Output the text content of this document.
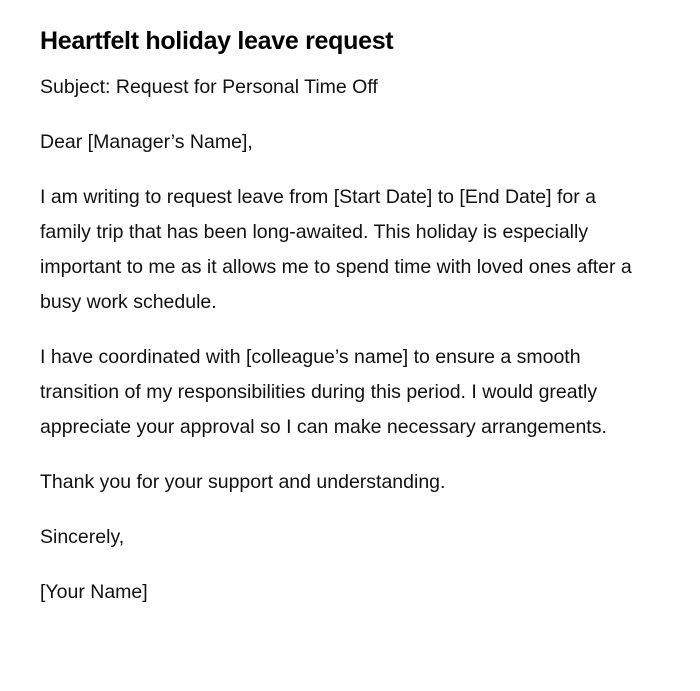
Heartfelt holiday leave request

Subject: Request for Personal Time Off

Dear [Manager’s Name],

I am writing to request leave from [Start Date] to [End Date] for a family trip that has been long-awaited. This holiday is especially important to me as it allows me to spend time with loved ones after a busy work schedule.

I have coordinated with [colleague’s name] to ensure a smooth transition of my responsibilities during this period. I would greatly appreciate your approval so I can make necessary arrangements.

Thank you for your support and understanding.

Sincerely,

[Your Name]
